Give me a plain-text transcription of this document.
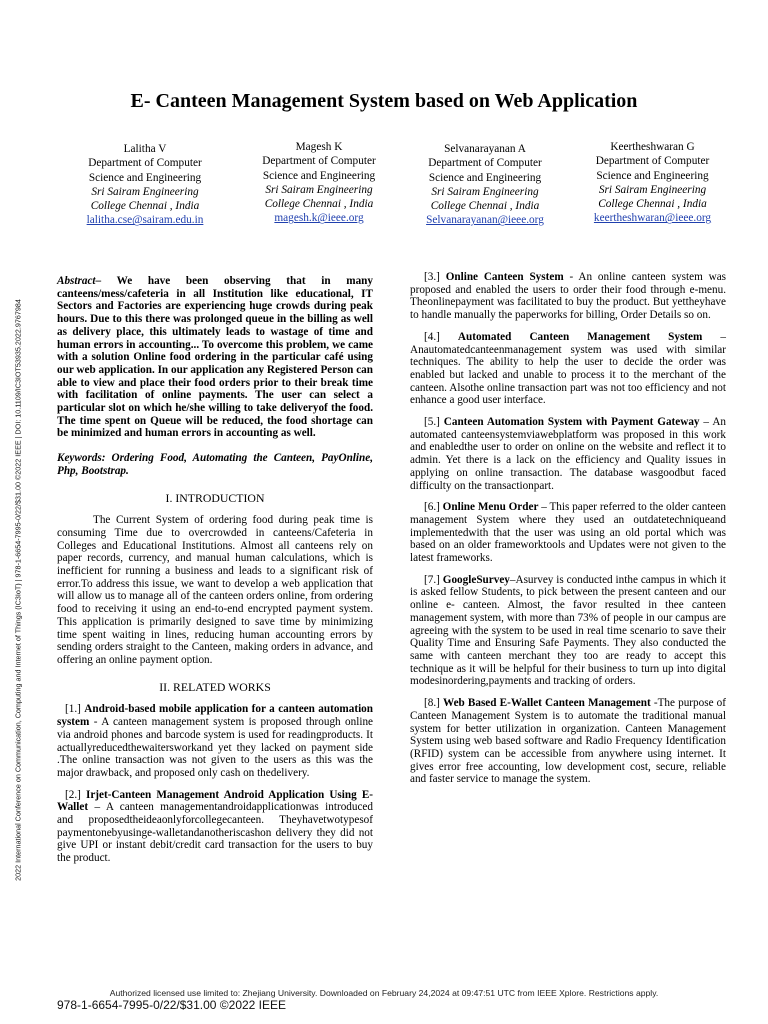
2022 International Conference on Communication, Computing and Internet of Things (IC3IoT) | 978-1-6654-7995-0/22/$31.00 ©2022 IEEE | DOI: 10.1109/IC3IOT53935.2022.9767984
E- Canteen Management System based on Web Application
Lalitha V
Department of Computer
Science and Engineering
Sri Sairam Engineering
College Chennai , India
lalitha.cse@sairam.edu.in
Magesh K
Department of Computer
Science and Engineering
Sri Sairam Engineering
College Chennai , India
magesh.k@ieee.org
Selvanarayanan A
Department of Computer
Science and Engineering
Sri Sairam Engineering
College Chennai , India
Selvanarayanan@ieee.org
Keertheshwaran G
Department of Computer
Science and Engineering
Sri Sairam Engineering
College Chennai , India
keertheshwaran@ieee.org

Abstract– We have been observing that in many canteens/mess/cafeteria in all Institution like educational, IT Sectors and Factories are experiencing huge crowds during peak hours. Due to this there was prolonged queue in the billing as well as delivery place, this ultimately leads to wastage of time and human errors in accounting... To overcome this problem, we came with a solution Online food ordering in the particular café using our web application. In our application any Registered Person can able to view and place their food orders prior to their break time with facilitation of online payments. The user can select a particular slot on which he/she willing to take deliveryof the food. The time spent on Queue will be reduced, the food shortage can be minimized and human errors in accounting as well.

Keywords: Ordering Food, Automating the Canteen, PayOnline, Php, Bootstrap.

I. INTRODUCTION

The Current System of ordering food during peak time is consuming Time due to overcrowded in canteens/Cafeteria in Colleges and Educational Institutions. Almost all canteens rely on paper records, currency, and manual human calculations, which is inefficient for running a business and leads to a significant risk of error.To address this issue, we want to develop a web application that will allow us to manage all of the canteen orders online, from ordering food to receiving it using an end-to-end encrypted payment system. This application is primarily designed to save time by minimizing time spent waiting in lines, reducing human accounting errors by sending orders straight to the Canteen, making orders in advance, and offering an online payment option.

II. RELATED WORKS

[1.] Android-based mobile application for a canteen automation system - A canteen management system is proposed through online via android phones and barcode system is used for readingproducts. It actuallyreducedthewaitersworkand yet they lacked on payment side .The online transaction was not given to the users as this was the major drawback, and proposed only cash on thedelivery.

[2.] Irjet-Canteen Management Android Application Using E-Wallet – A canteen managementandroidapplicationwas introduced and proposedtheideaonlyforcollegecanteen. Theyhavetwotypesof paymentonebyusinge-walletandanotheriscashon delivery they did not give UPI or instant debit/credit card transaction for the users to buy the product.

[3.] Online Canteen System - An online canteen system was proposed and enabled the users to order their food through e-menu. Theonlinepayment was facilitated to buy the product. But yettheyhave to handle manually the paperworks for billing, Order Details so on.

[4.] Automated Canteen Management System – Anautomatedcanteenmanagement system was used with similar techniques. The ability to help the user to decide the order was enabled but lacked and unable to process it to the merchant of the canteen. Alsothe online transaction part was not too efficiency and not enhance a good user interface.

[5.] Canteen Automation System with Payment Gateway – An automated canteensystemviawebplatform was proposed in this work and enabledthe user to order on online on the website and reflect it to admin. Yet there is a lack on the efficiency and Quality issues in applying on online transaction. The database wasgoodbut faced difficulty on the transactionpart.

[6.] Online Menu Order – This paper referred to the older canteen management System where they used an outdatetechniqueand implementedwith that the user was using an old portal which was based on an older frameworktools and Updates were not given to the latest frameworks.

[7.] GoogleSurvey–Asurvey is conducted inthe campus in which it is asked fellow Students, to pick between the present canteen and our online e- canteen. Almost, the favor resulted in thee canteen management system, with more than 73% of people in our campus are agreeing with the system to be used in real time scenario to save their Quality Time and Ensuring Safe Payments. They also conducted the same with canteen merchant they too are ready to accept this technique as it will be helpful for their business to turn up into digital modesinordering,payments and tracking of orders.

[8.] Web Based E-Wallet Canteen Management -The purpose of Canteen Management System is to automate the traditional manual system for better utilization in organization. Canteen Management System using web based software and Radio Frequency Identification (RFID) system can be accessible from anywhere using internet. It gives error free accounting, low development cost, secure, reliable and faster service to manage the system.

Authorized licensed use limited to: Zhejiang University. Downloaded on February 24,2024 at 09:47:51 UTC from IEEE Xplore. Restrictions apply.
978-1-6654-7995-0/22/$31.00 ©2022 IEEE
